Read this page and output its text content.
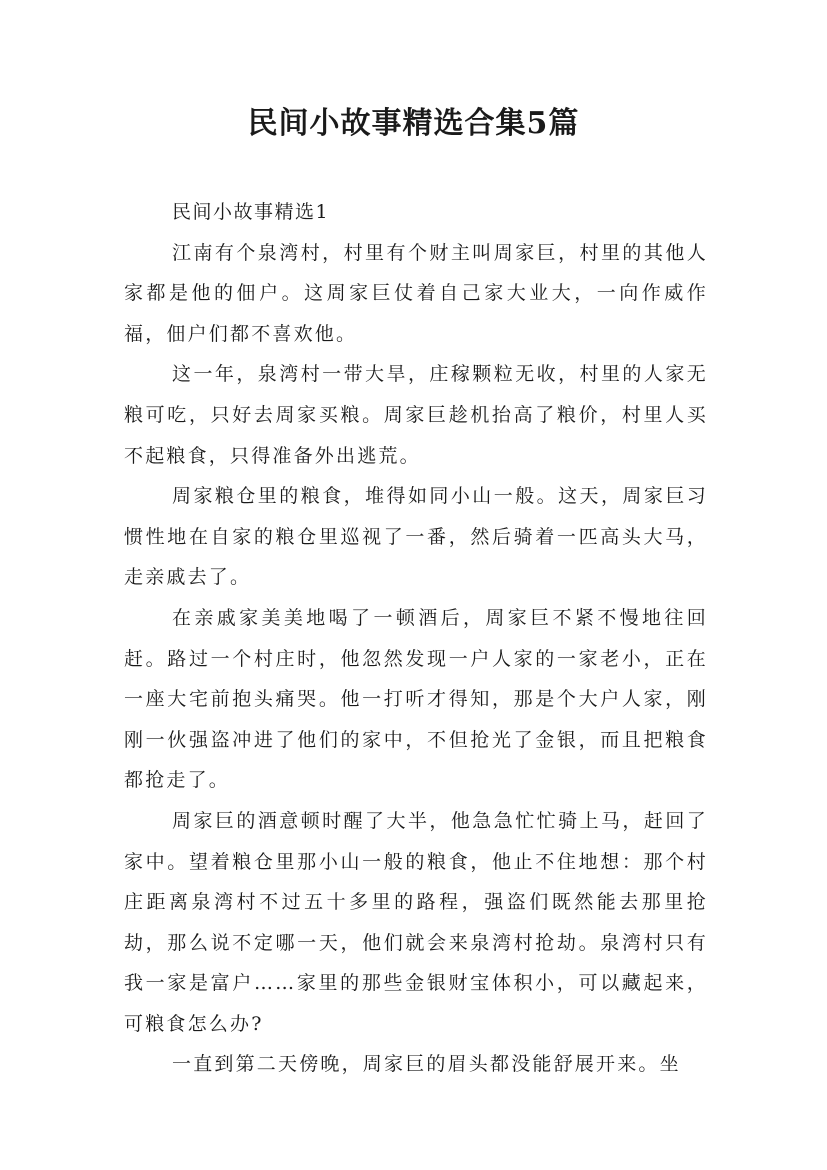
民间小故事精选合集5篇

民间小故事精选1

江南有个泉湾村，村里有个财主叫周家巨，村里的其他人家都是他的佃户。这周家巨仗着自己家大业大，一向作威作福，佃户们都不喜欢他。

这一年，泉湾村一带大旱，庄稼颗粒无收，村里的人家无粮可吃，只好去周家买粮。周家巨趁机抬高了粮价，村里人买不起粮食，只得准备外出逃荒。

周家粮仓里的粮食，堆得如同小山一般。这天，周家巨习惯性地在自家的粮仓里巡视了一番，然后骑着一匹高头大马，走亲戚去了。

在亲戚家美美地喝了一顿酒后，周家巨不紧不慢地往回赶。路过一个村庄时，他忽然发现一户人家的一家老小，正在一座大宅前抱头痛哭。他一打听才得知，那是个大户人家，刚刚一伙强盗冲进了他们的家中，不但抢光了金银，而且把粮食都抢走了。

周家巨的酒意顿时醒了大半，他急急忙忙骑上马，赶回了家中。望着粮仓里那小山一般的粮食，他止不住地想：那个村庄距离泉湾村不过五十多里的路程，强盗们既然能去那里抢劫，那么说不定哪一天，他们就会来泉湾村抢劫。泉湾村只有我一家是富户……家里的那些金银财宝体积小，可以藏起来，可粮食怎么办?

一直到第二天傍晚，周家巨的眉头都没能舒展开来。坐
